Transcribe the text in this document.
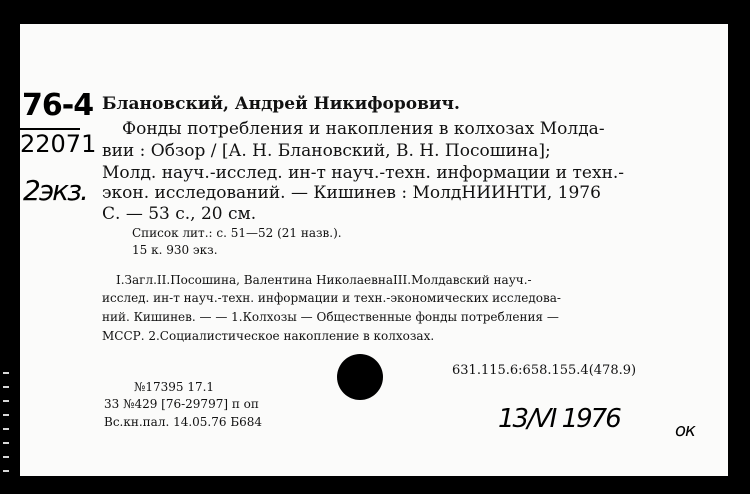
76-4
22071
2экз.
Блановский, Андрей Никифорович.
Фонды потребления и накопления в колхозах Молда-
вии : Обзор / [А. Н. Блановский, В. Н. Посошина];
Молд. науч.-исслед. ин-т науч.-техн. информации и техн.-
экон. исследований. — Кишинев : МолдНИИНТИ, 1976
С. — 53 с., 20 см.
Список лит.: с. 51—52 (21 назв.).
15 к. 930 экз.
I.Загл.II.Посошина, Валентина НиколаевнаIII.Молдавский науч.-
исслед. ин-т науч.-техн. информации и техн.-экономических исследова-
ний. Кишинев. — — 1.Колхозы — Общественные фонды потребления —
МССР. 2.Социалистическое накопление в колхозах.
№17395 17.1
33 №429 [76-29797] п оп
Вс.кн.пал. 14.05.76 Б684
631.115.6:658.155.4(478.9)
13/VI 1976	ок
